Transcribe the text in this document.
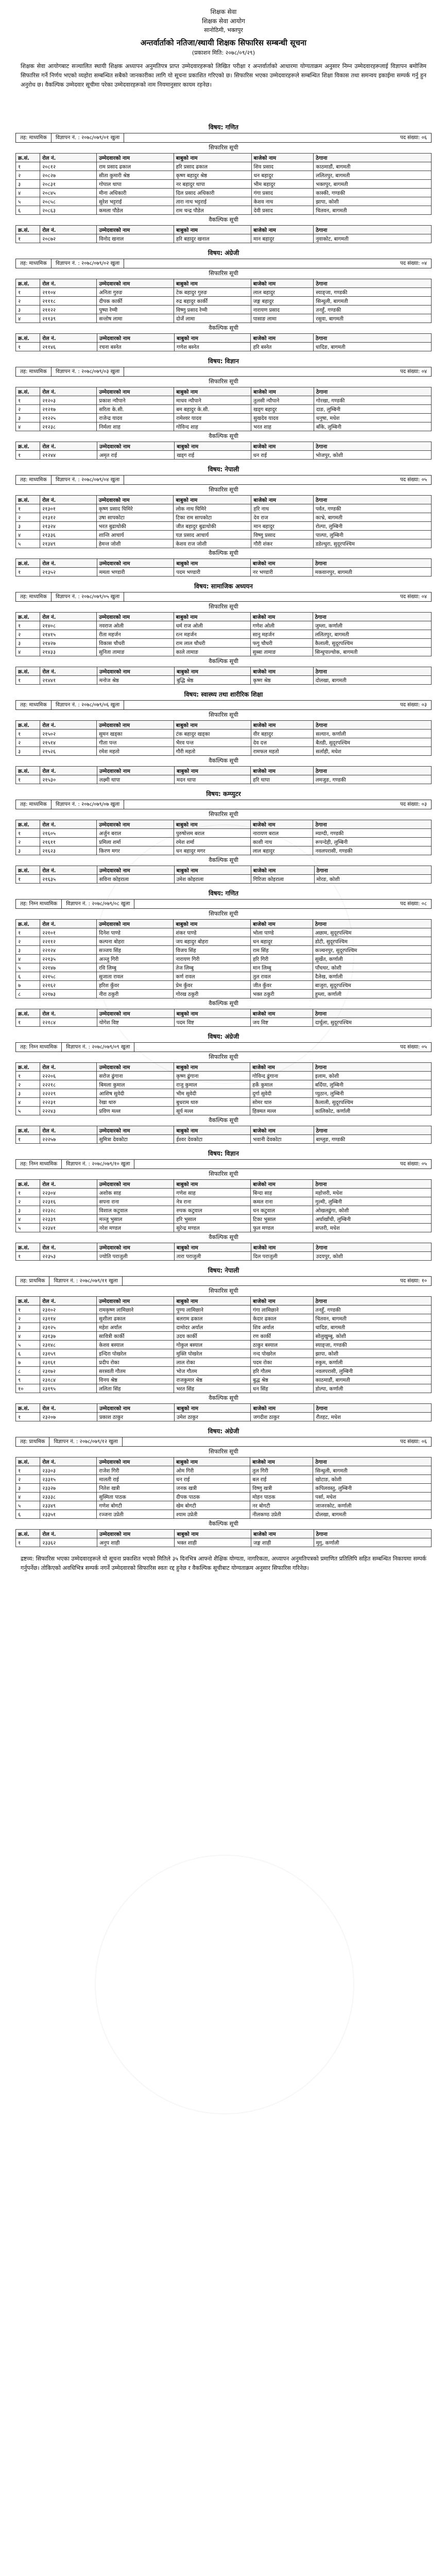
शिक्षक सेवा
शिक्षक सेवा आयोग
सानोठिमी, भक्तपुर
अन्तर्वार्ताको नतिजा/स्थायी शिक्षक सिफारिस सम्बन्धी सूचना
(प्रकाशन मिति: २०७८/०९/२९)
शिक्षक सेवा आयोगबाट सञ्चालित स्थायी शिक्षक अध्यापन अनुमतिपत्र प्राप्त उम्मेदवारहरूको लिखित परीक्षा र अन्तर्वार्ताको आधारमा योग्यताक्रम अनुसार निम्न उम्मेदवारहरूलाई विज्ञापन बमोजिम सिफारिस गर्ने निर्णय भएको व्यहोरा सम्बन्धित सबैको जानकारीका लागि यो सूचना प्रकाशित गरिएको छ। सिफारिस भएका उम्मेदवारहरूले सम्बन्धित शिक्षा विकास तथा समन्वय इकाईमा सम्पर्क गर्नु हुन अनुरोध छ। वैकल्पिक उम्मेदवार सूचीमा परेका उम्मेदवारहरूको नाम नियमानुसार कायम रहनेछ।
विषय: गणित
तह: माध्यमिक	विज्ञापन नं. : २०७८/०७९/०१ खुला	पद संख्या: ०६
सिफारिस सूची
क्र.सं.	रोल नं.	उम्मेदवारको नाम	बाबुको नाम	बाजेको नाम	ठेगाना
१	२०८१२	राम प्रसाद ढकाल	हरि प्रसाद ढकाल	शिव प्रसाद	काठमाडौं, बागमती
२	२०८२७	सीता कुमारी श्रेष्ठ	कृष्ण बहादुर श्रेष्ठ	धन बहादुर	ललितपुर, बागमती
३	२०८३१	गोपाल थापा	नर बहादुर थापा	भीम बहादुर	भक्तपुर, बागमती
४	२०८४५	मीना अधिकारी	दिल प्रसाद अधिकारी	गंगा प्रसाद	कास्की, गण्डकी
५	२०८५८	सुरेश भट्टराई	तारा नाथ भट्टराई	केशव नाथ	झापा, कोशी
६	२०८६३	कमला पौडेल	राम चन्द्र पौडेल	देवी प्रसाद	चितवन, बागमती
वैकल्पिक सूची
क्र.सं.	रोल नं.	उम्मेदवारको नाम	बाबुको नाम	बाजेको नाम	ठेगाना
१	२०८७२	विनोद खनाल	हरि बहादुर खनाल	मान बहादुर	नुवाकोट, बागमती
विषय: अंग्रेजी
तह: माध्यमिक	विज्ञापन नं. : २०७८/०७९/०२ खुला	पद संख्या: ०४
सिफारिस सूची
क्र.सं.	रोल नं.	उम्मेदवारको नाम	बाबुको नाम	बाजेको नाम	ठेगाना
१	२११०४	अनिता गुरुङ	टेक बहादुर गुरुङ	लाल बहादुर	स्याङ्जा, गण्डकी
२	२१११८	दीपक कार्की	रुद्र बहादुर कार्की	जङ्ग बहादुर	सिन्धुली, बागमती
३	२११२२	पुष्पा रेग्मी	विष्णु प्रसाद रेग्मी	नारायण प्रसाद	तनहुँ, गण्डकी
४	२११३९	सन्तोष लामा	दोर्जे लामा	पासाङ लामा	रसुवा, बागमती
वैकल्पिक सूची
क्र.सं.	रोल नं.	उम्मेदवारको नाम	बाबुको नाम	बाजेको नाम	ठेगाना
१	२११४६	रचना बस्नेत	गणेश बस्नेत	हरि बस्नेत	धादिङ, बागमती
विषय: विज्ञान
तह: माध्यमिक	विज्ञापन नं. : २०७८/०७९/०३ खुला	पद संख्या: ०४
सिफारिस सूची
क्र.सं.	रोल नं.	उम्मेदवारको नाम	बाबुको नाम	बाजेको नाम	ठेगाना
१	२१२०३	प्रकाश न्यौपाने	माधव न्यौपाने	तुलसी न्यौपाने	गोरखा, गण्डकी
२	२१२१७	सरिता के.सी.	बम बहादुर के.सी.	खड्ग बहादुर	दाङ, लुम्बिनी
३	२१२२५	राजेन्द्र यादव	रामेश्वर यादव	सुखदेव यादव	धनुषा, मधेश
४	२१२३८	निर्मला शाह	गोविन्द शाह	भरत शाह	बाँके, लुम्बिनी
वैकल्पिक सूची
क्र.सं.	रोल नं.	उम्मेदवारको नाम	बाबुको नाम	बाजेको नाम	ठेगाना
१	२१२४४	अमृत राई	खड्ग राई	धन राई	भोजपुर, कोशी
विषय: नेपाली
तह: माध्यमिक	विज्ञापन नं. : २०७८/०७९/०४ खुला	पद संख्या: ०५
सिफारिस सूची
क्र.सं.	रोल नं.	उम्मेदवारको नाम	बाबुको नाम	बाजेको नाम	ठेगाना
१	२१३०१	कृष्ण प्रसाद घिमिरे	लोक नाथ घिमिरे	हरि नाथ	पर्वत, गण्डकी
२	२१३१२	उषा सापकोटा	टिका राम सापकोटा	देव राज	काभ्रे, बागमती
३	२१३२४	भरत बुढाथोकी	जीत बहादुर बुढाथोकी	मान बहादुर	रोल्पा, लुम्बिनी
४	२१३३६	शान्ति आचार्य	यज्ञ प्रसाद आचार्य	विष्णु प्रसाद	पाल्पा, लुम्बिनी
५	२१३४९	हेमन्त जोशी	केशव राज जोशी	गौरी शंकर	डडेल्धुरा, सुदूरपश्चिम
वैकल्पिक सूची
क्र.सं.	रोल नं.	उम्मेदवारको नाम	बाबुको नाम	बाजेको नाम	ठेगाना
१	२१३५२	ममता भण्डारी	पदम भण्डारी	नर भण्डारी	मकवानपुर, बागमती
विषय: सामाजिक अध्ययन
तह: माध्यमिक	विज्ञापन नं. : २०७८/०७९/०५ खुला	पद संख्या: ०४
सिफारिस सूची
क्र.सं.	रोल नं.	उम्मेदवारको नाम	बाबुको नाम	बाजेको नाम	ठेगाना
१	२१४०८	नवराज ओली	धर्म राज ओली	गणेश ओली	जुम्ला, कर्णाली
२	२१४१५	रीता महर्जन	रत्न महर्जन	सानु महर्जन	ललितपुर, बागमती
३	२१४२७	विकास चौधरी	राम लाल चौधरी	फगु चौधरी	कैलाली, सुदूरपश्चिम
४	२१४३३	सुनिता तामाङ	काले तामाङ	सुब्बा तामाङ	सिन्धुपाल्चोक, बागमती
वैकल्पिक सूची
क्र.सं.	रोल नं.	उम्मेदवारको नाम	बाबुको नाम	बाजेको नाम	ठेगाना
१	२१४४१	मनोज श्रेष्ठ	बुद्धि श्रेष्ठ	कृष्ण श्रेष्ठ	दोलखा, बागमती
विषय: स्वास्थ्य तथा शारीरिक शिक्षा
तह: माध्यमिक	विज्ञापन नं. : २०७८/०७९/०६ खुला	पद संख्या: ०३
सिफारिस सूची
क्र.सं.	रोल नं.	उम्मेदवारको नाम	बाबुको नाम	बाजेको नाम	ठेगाना
१	२१५०२	सुमन खड्का	टंक बहादुर खड्का	वीर बहादुर	सल्यान, कर्णाली
२	२१५१४	गीता पन्त	भैरव पन्त	देव दत्त	बैतडी, सुदूरपश्चिम
३	२१५२६	रमेश महतो	गौरी महतो	रामफल महतो	सर्लाही, मधेश
वैकल्पिक सूची
क्र.सं.	रोल नं.	उम्मेदवारको नाम	बाबुको नाम	बाजेको नाम	ठेगाना
१	२१५३०	लक्ष्मी थापा	मदन थापा	हरि थापा	लमजुङ, गण्डकी
विषय: कम्प्युटर
तह: माध्यमिक	विज्ञापन नं. : २०७८/०७९/०७ खुला	पद संख्या: ०३
सिफारिस सूची
क्र.सं.	रोल नं.	उम्मेदवारको नाम	बाबुको नाम	बाजेको नाम	ठेगाना
१	२१६०५	अर्जुन बराल	पुरुषोत्तम बराल	नारायण बराल	म्याग्दी, गण्डकी
२	२१६११	प्रमिला शर्मा	रमेश शर्मा	काशी नाथ	रूपन्देही, लुम्बिनी
३	२१६२३	किरण मगर	धन बहादुर मगर	लाल बहादुर	नवलपरासी, गण्डकी
वैकल्पिक सूची
क्र.सं.	रोल नं.	उम्मेदवारको नाम	बाबुको नाम	बाजेको नाम	ठेगाना
१	२१६३५	सविना कोइराला	उमेश कोइराला	गिरिजा कोइराला	मोरङ, कोशी
विषय: गणित
तह: निम्न माध्यमिक	विज्ञापन नं. : २०७८/०७९/०८ खुला	पद संख्या: ०८
सिफारिस सूची
क्र.सं.	रोल नं.	उम्मेदवारको नाम	बाबुको नाम	बाजेको नाम	ठेगाना
१	२२१०१	दिनेश पाण्डे	शंकर पाण्डे	भोला पाण्डे	अछाम, सुदूरपश्चिम
२	२२११२	कल्पना बोहरा	जय बहादुर बोहरा	धन बहादुर	डोटी, सुदूरपश्चिम
३	२२१२४	सञ्जय सिंह	विजय सिंह	राम सिंह	कञ्चनपुर, सुदूरपश्चिम
४	२२१३५	अञ्जु गिरी	नारायण गिरी	हरि गिरी	सुर्खेत, कर्णाली
५	२२१४७	रवि लिम्बु	तेज लिम्बु	मान लिम्बु	पाँचथर, कोशी
६	२२१५८	सुजाता रावल	कर्ण रावल	तुल रावल	दैलेख, कर्णाली
७	२२१६२	हरिश कुँवर	प्रेम कुँवर	जीत कुँवर	बाजुरा, सुदूरपश्चिम
८	२२१७३	नीरा ठकुरी	गोरख ठकुरी	भक्त ठकुरी	हुम्ला, कर्णाली
वैकल्पिक सूची
क्र.सं.	रोल नं.	उम्मेदवारको नाम	बाबुको नाम	बाजेको नाम	ठेगाना
१	२२१८४	योगेश विष्ट	पदम विष्ट	जय विष्ट	दार्चुला, सुदूरपश्चिम
विषय: अंग्रेजी
तह: निम्न माध्यमिक	विज्ञापन नं. : २०७८/०७९/०९ खुला	पद संख्या: ०५
सिफारिस सूची
क्र.सं.	रोल नं.	उम्मेदवारको नाम	बाबुको नाम	बाजेको नाम	ठेगाना
१	२२२०६	सरोज ढुंगाना	कृष्ण ढुंगाना	गोविन्द ढुंगाना	इलाम, कोशी
२	२२२१८	बिमला कुमाल	राजु कुमाल	हर्के कुमाल	बर्दिया, लुम्बिनी
३	२२२२९	आशिष सुवेदी	भीम सुवेदी	दुर्गा सुवेदी	प्युठान, लुम्बिनी
४	२२२३१	रेखा थारु	बुधराम थारु	सोमर थारु	कैलाली, सुदूरपश्चिम
५	२२२४३	प्रविण मल्ल	सूर्य मल्ल	हिक्मत मल्ल	कालिकोट, कर्णाली
वैकल्पिक सूची
क्र.सं.	रोल नं.	उम्मेदवारको नाम	बाबुको नाम	बाजेको नाम	ठेगाना
१	२२२५७	सुमित्रा देवकोटा	ईश्वर देवकोटा	भवानी देवकोटा	बाग्लुङ, गण्डकी
विषय: विज्ञान
तह: निम्न माध्यमिक	विज्ञापन नं. : २०७८/०७९/१० खुला	पद संख्या: ०५
सिफारिस सूची
क्र.सं.	रोल नं.	उम्मेदवारको नाम	बाबुको नाम	बाजेको नाम	ठेगाना
१	२२३०४	अशोक साह	गणेश साह	बिन्दा साह	महोत्तरी, मधेश
२	२२३१६	सपना राना	नेत्र राना	कमल राना	गुल्मी, लुम्बिनी
३	२२३२८	विशाल कटुवाल	रुपक कटुवाल	धन कटुवाल	ओखलढुंगा, कोशी
४	२२३३९	मञ्जु भुसाल	हरि भुसाल	टिका भुसाल	अर्घाखाँची, लुम्बिनी
५	२२३४१	नरेश मण्डल	सुरेन्द्र मण्डल	फुल मण्डल	सप्तरी, मधेश
वैकल्पिक सूची
क्र.सं.	रोल नं.	उम्मेदवारको नाम	बाबुको नाम	बाजेको नाम	ठेगाना
१	२२३५३	ज्योति पराजुली	तारा पराजुली	दिल पराजुली	उदयपुर, कोशी
विषय: नेपाली
तह: प्राथमिक	विज्ञापन नं. : २०७८/०७९/११ खुला	पद संख्या: १०
सिफारिस सूची
क्र.सं.	रोल नं.	उम्मेदवारको नाम	बाबुको नाम	बाजेको नाम	ठेगाना
१	२३१०२	रामकृष्ण लामिछाने	पुण्य लामिछाने	गंगा लामिछाने	तनहुँ, गण्डकी
२	२३११४	सुशीला ढकाल	बलराम ढकाल	केदार ढकाल	चितवन, बागमती
३	२३१२५	महेश अर्याल	दामोदर अर्याल	शिव अर्याल	धादिङ, बागमती
४	२३१३७	सावित्री कार्की	उदय कार्की	रण कार्की	सोलुखुम्बु, कोशी
५	२३१४८	केशव बस्याल	गोकुल बस्याल	ठाकुर बस्याल	स्याङ्जा, गण्डकी
६	२३१५९	इन्दिरा पोखरेल	मुक्ति पोखरेल	नन्द पोखरेल	झापा, कोशी
७	२३१६१	प्रदीप रोका	लाल रोका	पदम रोका	रुकुम, कर्णाली
८	२३१७२	सरस्वती गौतम	भोज गौतम	हरि गौतम	नवलपरासी, लुम्बिनी
९	२३१८४	विनय श्रेष्ठ	राजकुमार श्रेष्ठ	बुद्ध श्रेष्ठ	काठमाडौं, बागमती
१०	२३१९५	ललिता सिंह	भरत सिंह	धन सिंह	डोल्पा, कर्णाली
वैकल्पिक सूची
क्र.सं.	रोल नं.	उम्मेदवारको नाम	बाबुको नाम	बाजेको नाम	ठेगाना
१	२३२०७	प्रकाश ठाकुर	उमेश ठाकुर	जगदीश ठाकुर	रौतहट, मधेश
विषय: अंग्रेजी
तह: प्राथमिक	विज्ञापन नं. : २०७८/०७९/१२ खुला	पद संख्या: ०६
सिफारिस सूची
क्र.सं.	रोल नं.	उम्मेदवारको नाम	बाबुको नाम	बाजेको नाम	ठेगाना
१	२३३०३	राजेश गिरी	ओम गिरी	तुल गिरी	सिन्धुली, बागमती
२	२३३१५	मालती राई	धन राई	बल राई	खोटाङ, कोशी
३	२३३२७	नितेश खत्री	जनक खत्री	विष्णु खत्री	कपिलवस्तु, लुम्बिनी
४	२३३३८	सुस्मिता पाठक	दीपक पाठक	मोहन पाठक	पर्सा, मधेश
५	२३३४९	गणेश बोगटी	खेम बोगटी	नर बोगटी	जाजरकोट, कर्णाली
६	२३३५१	रञ्जना उप्रेती	श्याम उप्रेती	नीलकण्ठ उप्रेती	दोलखा, बागमती
वैकल्पिक सूची
क्र.सं.	रोल नं.	उम्मेदवारको नाम	बाबुको नाम	बाजेको नाम	ठेगाना
१	२३३६२	अनुप शाही	भक्त शाही	जङ्ग शाही	मुगु, कर्णाली
द्रष्टव्य: सिफारिस भएका उम्मेदवारहरूले यो सूचना प्रकाशित भएको मितिले ३५ दिनभित्र आफ्नो शैक्षिक योग्यता, नागरिकता, अध्यापन अनुमतिपत्रको प्रमाणित प्रतिलिपि सहित सम्बन्धित निकायमा सम्पर्क गर्नुपर्नेछ। तोकिएको अवधिभित्र सम्पर्क नगर्ने उम्मेदवारको सिफारिस स्वतः रद्द हुनेछ र वैकल्पिक सूचीबाट योग्यताक्रम अनुसार सिफारिस गरिनेछ।
